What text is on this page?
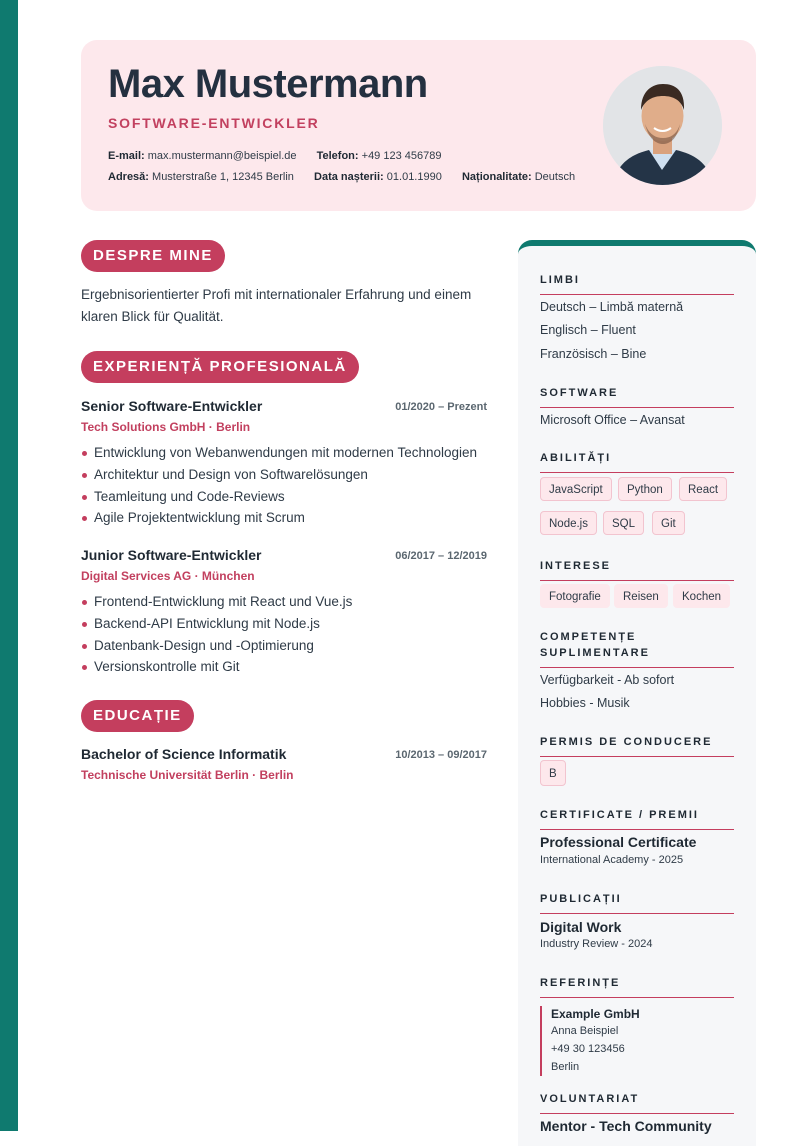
Max Mustermann
SOFTWARE-ENTWICKLER
E-mail: max.mustermann@beispiel.de Telefon: +49 123 456789
Adresă: Musterstraße 1, 12345 Berlin Data nașterii: 01.01.1990 Naționalitate: Deutsch
DESPRE MINE
Ergebnisorientierter Profi mit internationaler Erfahrung und einem klaren Blick für Qualität.
EXPERIENȚĂ PROFESIONALĂ
Senior Software-Entwickler	01/2020 – Prezent
Tech Solutions GmbH · Berlin
Entwicklung von Webanwendungen mit modernen Technologien
Architektur und Design von Softwarelösungen
Teamleitung und Code-Reviews
Agile Projektentwicklung mit Scrum
Junior Software-Entwickler	06/2017 – 12/2019
Digital Services AG · München
Frontend-Entwicklung mit React und Vue.js
Backend-API Entwicklung mit Node.js
Datenbank-Design und -Optimierung
Versionskontrolle mit Git
EDUCAȚIE
Bachelor of Science Informatik	10/2013 – 09/2017
Technische Universität Berlin · Berlin
LIMBI
Deutsch – Limbă maternă
Englisch – Fluent
Französisch – Bine
SOFTWARE
Microsoft Office – Avansat
ABILITĂȚI
JavaScript	Python	React
Node.js	SQL	Git
INTERESE
Fotografie	Reisen	Kochen
COMPETENȚE
SUPLIMENTARE
Verfügbarkeit - Ab sofort
Hobbies - Musik
PERMIS DE CONDUCERE
B
CERTIFICATE / PREMII
Professional Certificate
International Academy - 2025
PUBLICAȚII
Digital Work
Industry Review - 2024
REFERINȚE
Example GmbH
Anna Beispiel
+49 30 123456
Berlin
VOLUNTARIAT
Mentor - Tech Community
